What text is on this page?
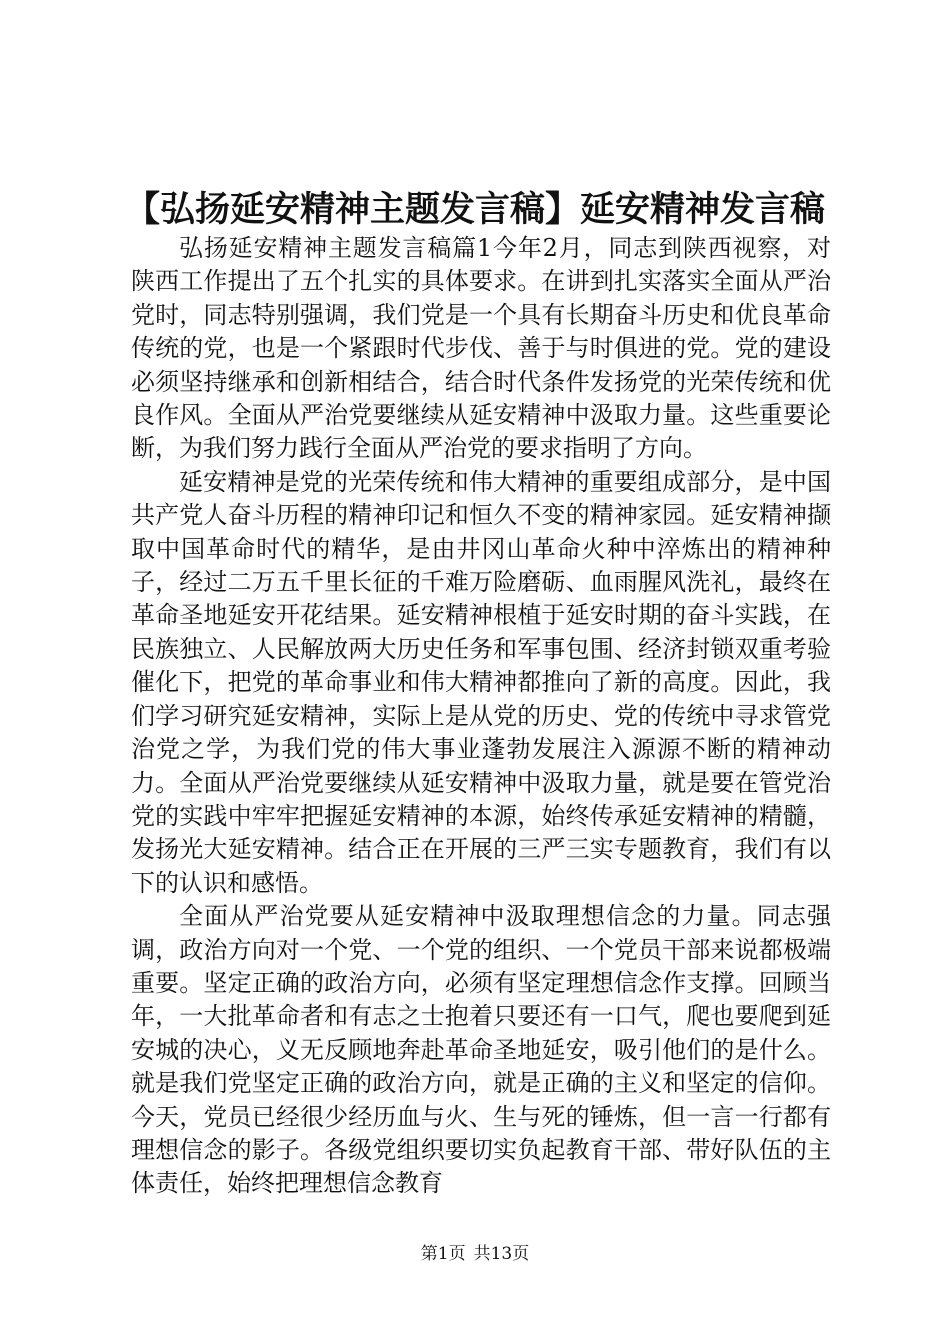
【弘扬延安精神主题发言稿】延安精神发言稿

弘扬延安精神主题发言稿篇1今年2月，同志到陕西视察，对陕西工作提出了五个扎实的具体要求。在讲到扎实落实全面从严治党时，同志特别强调，我们党是一个具有长期奋斗历史和优良革命传统的党，也是一个紧跟时代步伐、善于与时俱进的党。党的建设必须坚持继承和创新相结合，结合时代条件发扬党的光荣传统和优良作风。全面从严治党要继续从延安精神中汲取力量。这些重要论断，为我们努力践行全面从严治党的要求指明了方向。

延安精神是党的光荣传统和伟大精神的重要组成部分，是中国共产党人奋斗历程的精神印记和恒久不变的精神家园。延安精神撷取中国革命时代的精华，是由井冈山革命火种中淬炼出的精神种子，经过二万五千里长征的千难万险磨砺、血雨腥风洗礼，最终在革命圣地延安开花结果。延安精神根植于延安时期的奋斗实践，在民族独立、人民解放两大历史任务和军事包围、经济封锁双重考验催化下，把党的革命事业和伟大精神都推向了新的高度。因此，我们学习研究延安精神，实际上是从党的历史、党的传统中寻求管党治党之学，为我们党的伟大事业蓬勃发展注入源源不断的精神动力。全面从严治党要继续从延安精神中汲取力量，就是要在管党治党的实践中牢牢把握延安精神的本源，始终传承延安精神的精髓，发扬光大延安精神。结合正在开展的三严三实专题教育，我们有以下的认识和感悟。

全面从严治党要从延安精神中汲取理想信念的力量。同志强调，政治方向对一个党、一个党的组织、一个党员干部来说都极端重要。坚定正确的政治方向，必须有坚定理想信念作支撑。回顾当年，一大批革命者和有志之士抱着只要还有一口气，爬也要爬到延安城的决心，义无反顾地奔赴革命圣地延安，吸引他们的是什么。就是我们党坚定正确的政治方向，就是正确的主义和坚定的信仰。今天，党员已经很少经历血与火、生与死的锤炼，但一言一行都有理想信念的影子。各级党组织要切实负起教育干部、带好队伍的主体责任，始终把理想信念教育

第1页 共13页
